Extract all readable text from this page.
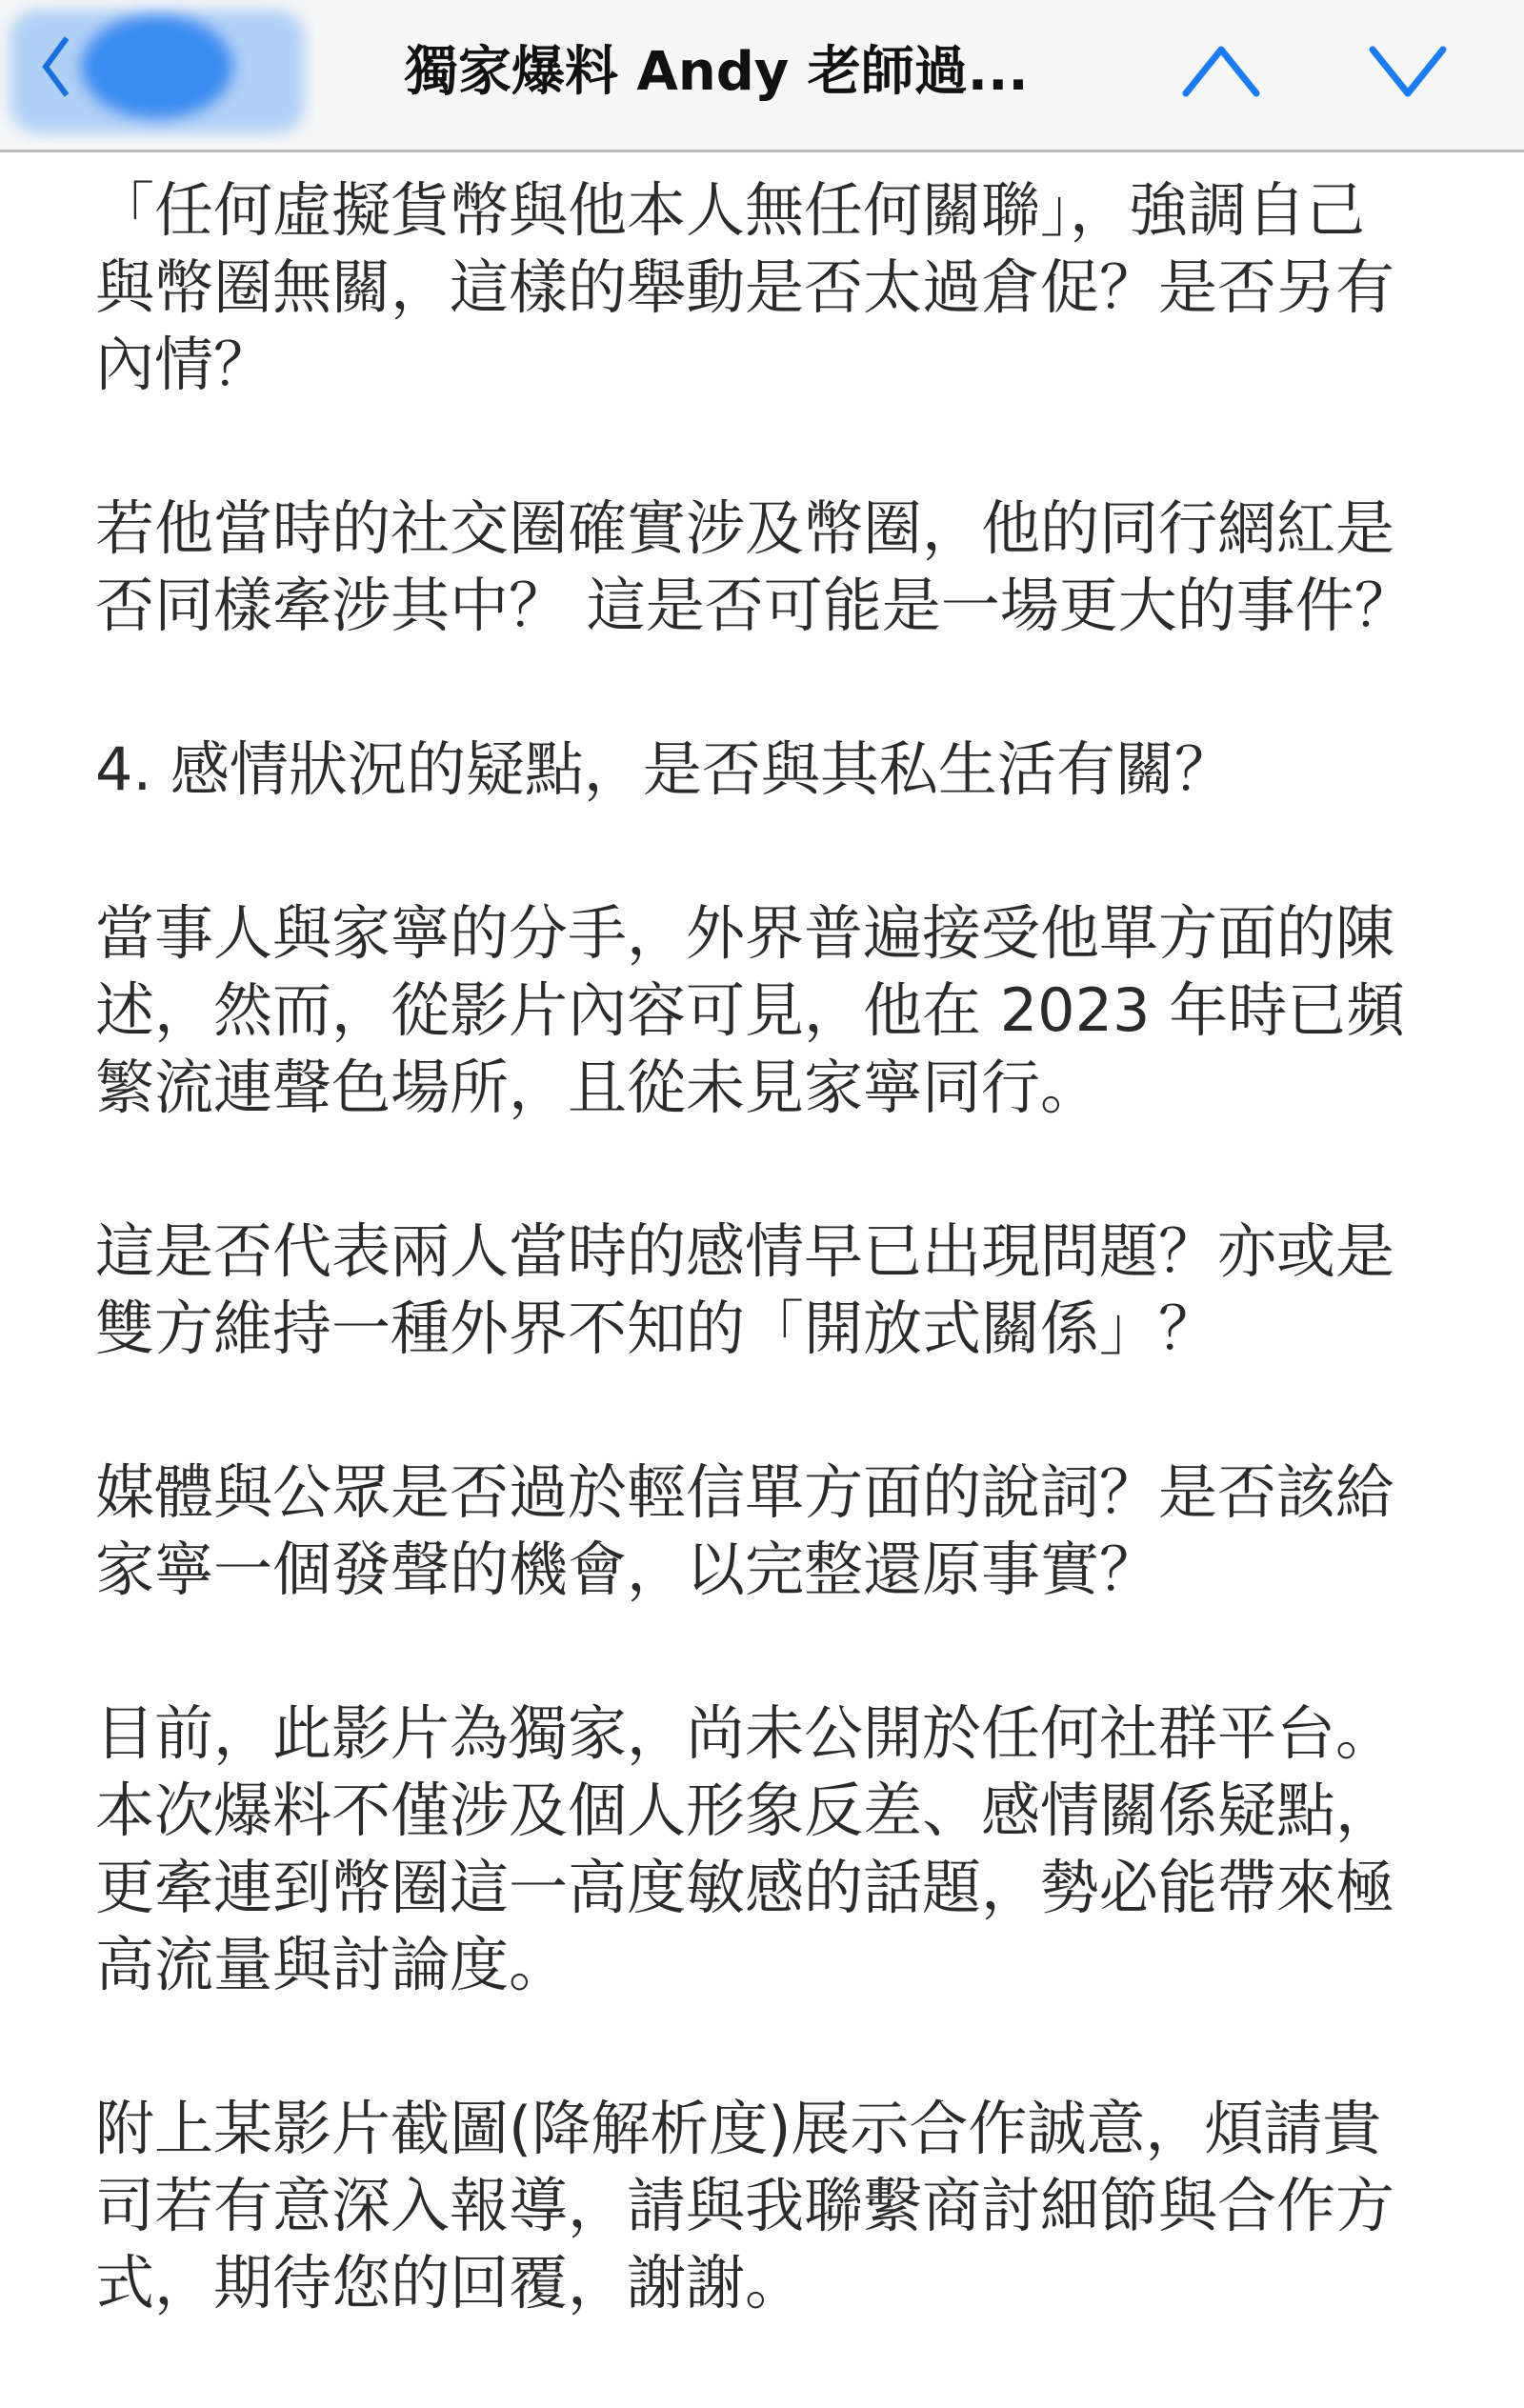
獨家爆料 Andy 老師過...
「任何虛擬貨幣與他本人無任何關聯」，強調自己
與幣圈無關，這樣的舉動是否太過倉促？是否另有
內情？
若他當時的社交圈確實涉及幣圈，他的同行網紅是
否同樣牽涉其中？ 這是否可能是一場更大的事件？
4. 感情狀況的疑點，是否與其私生活有關？
當事人與家寧的分手，外界普遍接受他單方面的陳
述，然而，從影片內容可見，他在 2023 年時已頻
繁流連聲色場所，且從未見家寧同行。
這是否代表兩人當時的感情早已出現問題？亦或是
雙方維持一種外界不知的「開放式關係」？
媒體與公眾是否過於輕信單方面的說詞？是否該給
家寧一個發聲的機會，以完整還原事實？
目前，此影片為獨家，尚未公開於任何社群平台。
本次爆料不僅涉及個人形象反差、感情關係疑點，
更牽連到幣圈這一高度敏感的話題，勢必能帶來極
高流量與討論度。
附上某影片截圖(降解析度)展示合作誠意，煩請貴
司若有意深入報導，請與我聯繫商討細節與合作方
式，期待您的回覆，謝謝。
